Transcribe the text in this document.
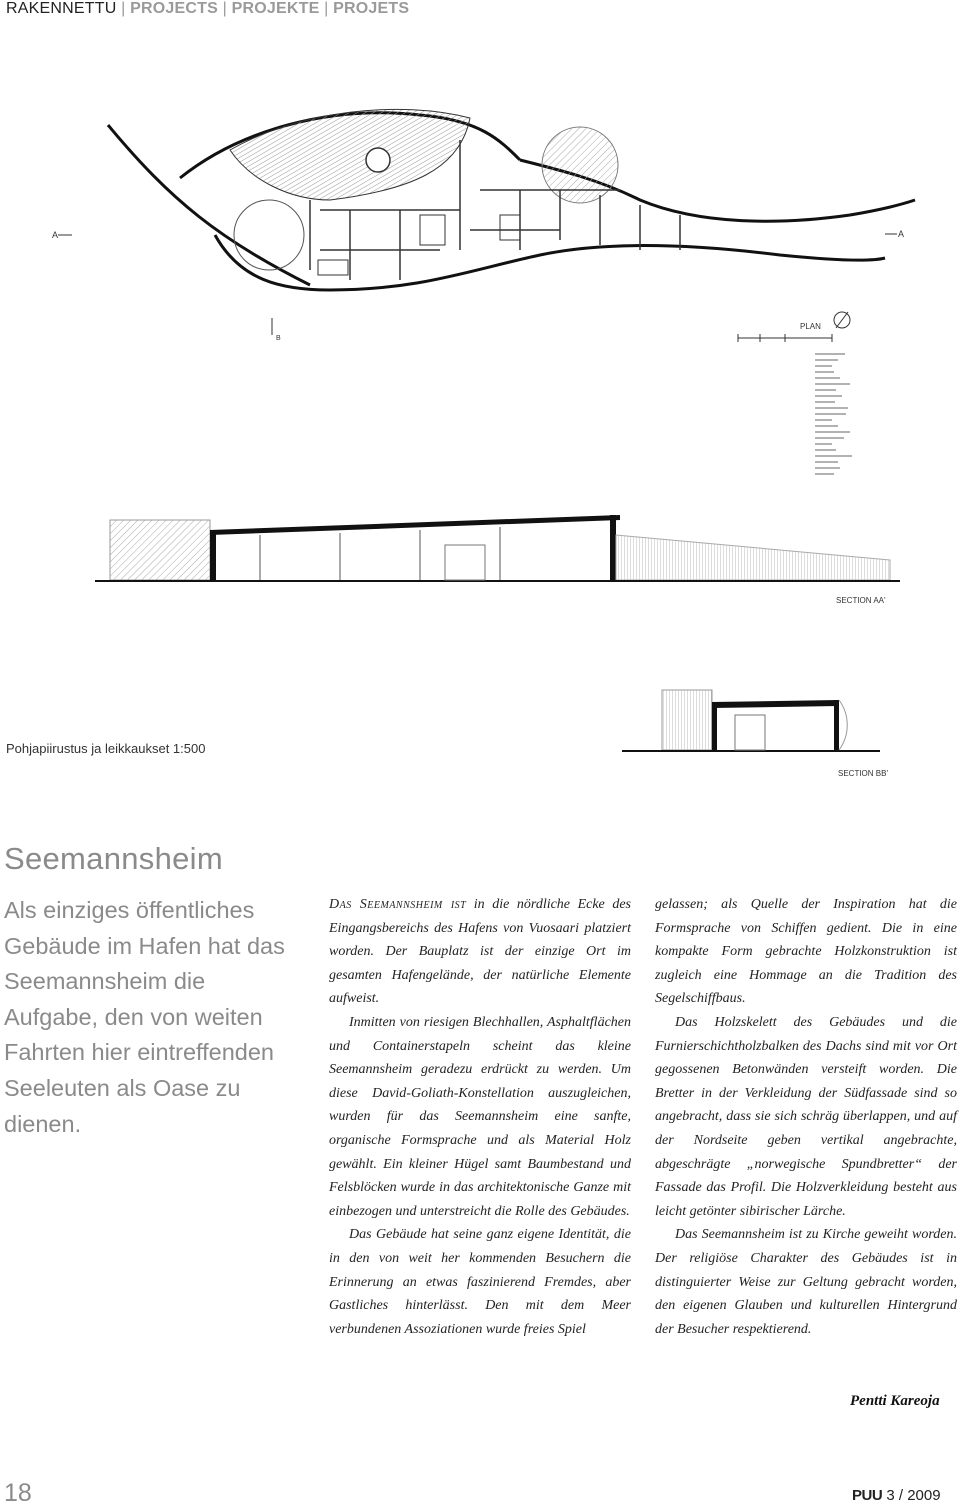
RAKENNETTU | PROJECTS | PROJEKTE | PROJETS
A	A
B
PLAN
SECTION AA'
SECTION BB'
Pohjapiirustus ja leikkaukset 1:500
Seemannsheim
Als einziges öffentliches Gebäude im Hafen hat das Seemannsheim die Aufgabe, den von weiten Fahrten hier eintreffenden Seeleuten als Oase zu dienen.

Das Seemannsheim ist in die nördliche Ecke des Eingangsbereichs des Hafens von Vuosaari platziert worden. Der Bauplatz ist der einzige Ort im gesamten Hafengelände, der natürliche Elemente aufweist.

Inmitten von riesigen Blechhallen, Asphaltflächen und Containerstapeln scheint das kleine Seemannsheim geradezu erdrückt zu werden. Um diese David-Goliath-Konstellation auszugleichen, wurden für das Seemannsheim eine sanfte, organische Formsprache und als Material Holz gewählt. Ein kleiner Hügel samt Baumbestand und Felsblöcken wurde in das architektonische Ganze mit einbezogen und unterstreicht die Rolle des Gebäudes.

Das Gebäude hat seine ganz eigene Identität, die in den von weit her kommenden Besuchern die Erinnerung an etwas faszinierend Fremdes, aber Gastliches hinterlässt. Den mit dem Meer verbundenen Assoziationen wurde freies Spiel

gelassen; als Quelle der Inspiration hat die Formsprache von Schiffen gedient. Die in eine kompakte Form gebrachte Holzkonstruktion ist zugleich eine Hommage an die Tradition des Segelschiffbaus.

Das Holzskelett des Gebäudes und die Furnierschichtholzbalken des Dachs sind mit vor Ort gegossenen Betonwänden versteift worden. Die Bretter in der Verkleidung der Südfassade sind so angebracht, dass sie sich schräg überlappen, und auf der Nordseite geben vertikal angebrachte, abgeschrägte „norwegische Spundbretter“ der Fassade das Profil. Die Holzverkleidung besteht aus leicht getönter sibirischer Lärche.

Das Seemannsheim ist zu Kirche geweiht worden. Der religiöse Charakter des Gebäudes ist in distinguierter Weise zur Geltung gebracht worden, den eigenen Glauben und kulturellen Hintergrund der Besucher respektierend.

Pentti Kareoja
18	PUU 3 / 2009
